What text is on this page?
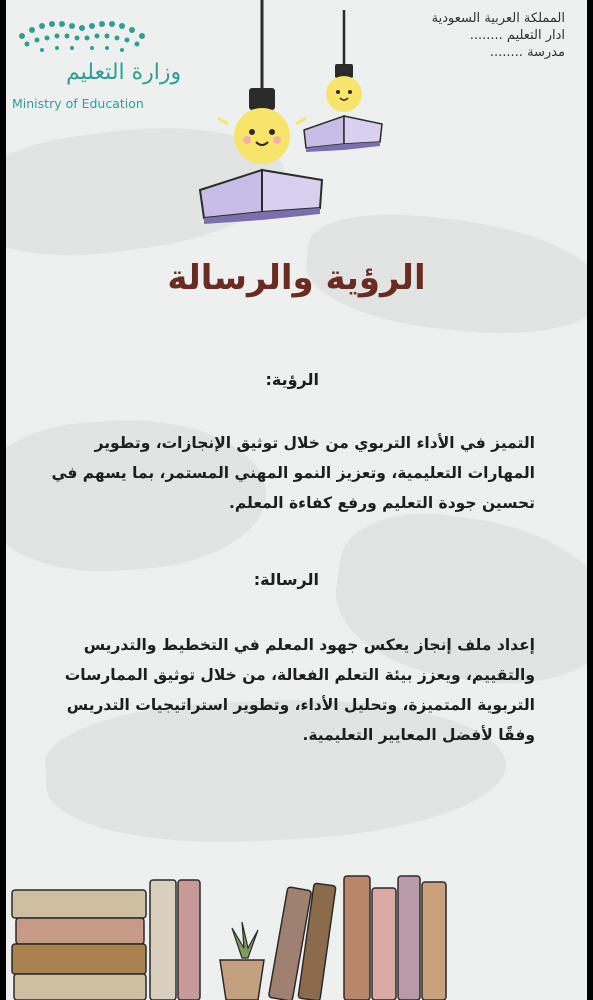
وزارة التعليم
Ministry of Education
المملكة العربية السعودية
ادار التعليم ........
مدرسة ........
الرؤية والرسالة
الرؤية:
التميز في الأداء التربوي من خلال توثيق الإنجازات، وتطوير المهارات التعليمية، وتعزيز النمو المهني المستمر، بما يسهم في تحسين جودة التعليم ورفع كفاءة المعلم.
الرسالة:
إعداد ملف إنجاز يعكس جهود المعلم في التخطيط والتدريس والتقييم، ويعزز بيئة التعلم الفعالة، من خلال توثيق الممارسات التربوية المتميزة، وتحليل الأداء، وتطوير استراتيجيات التدريس وفقًا لأفضل المعايير التعليمية.
